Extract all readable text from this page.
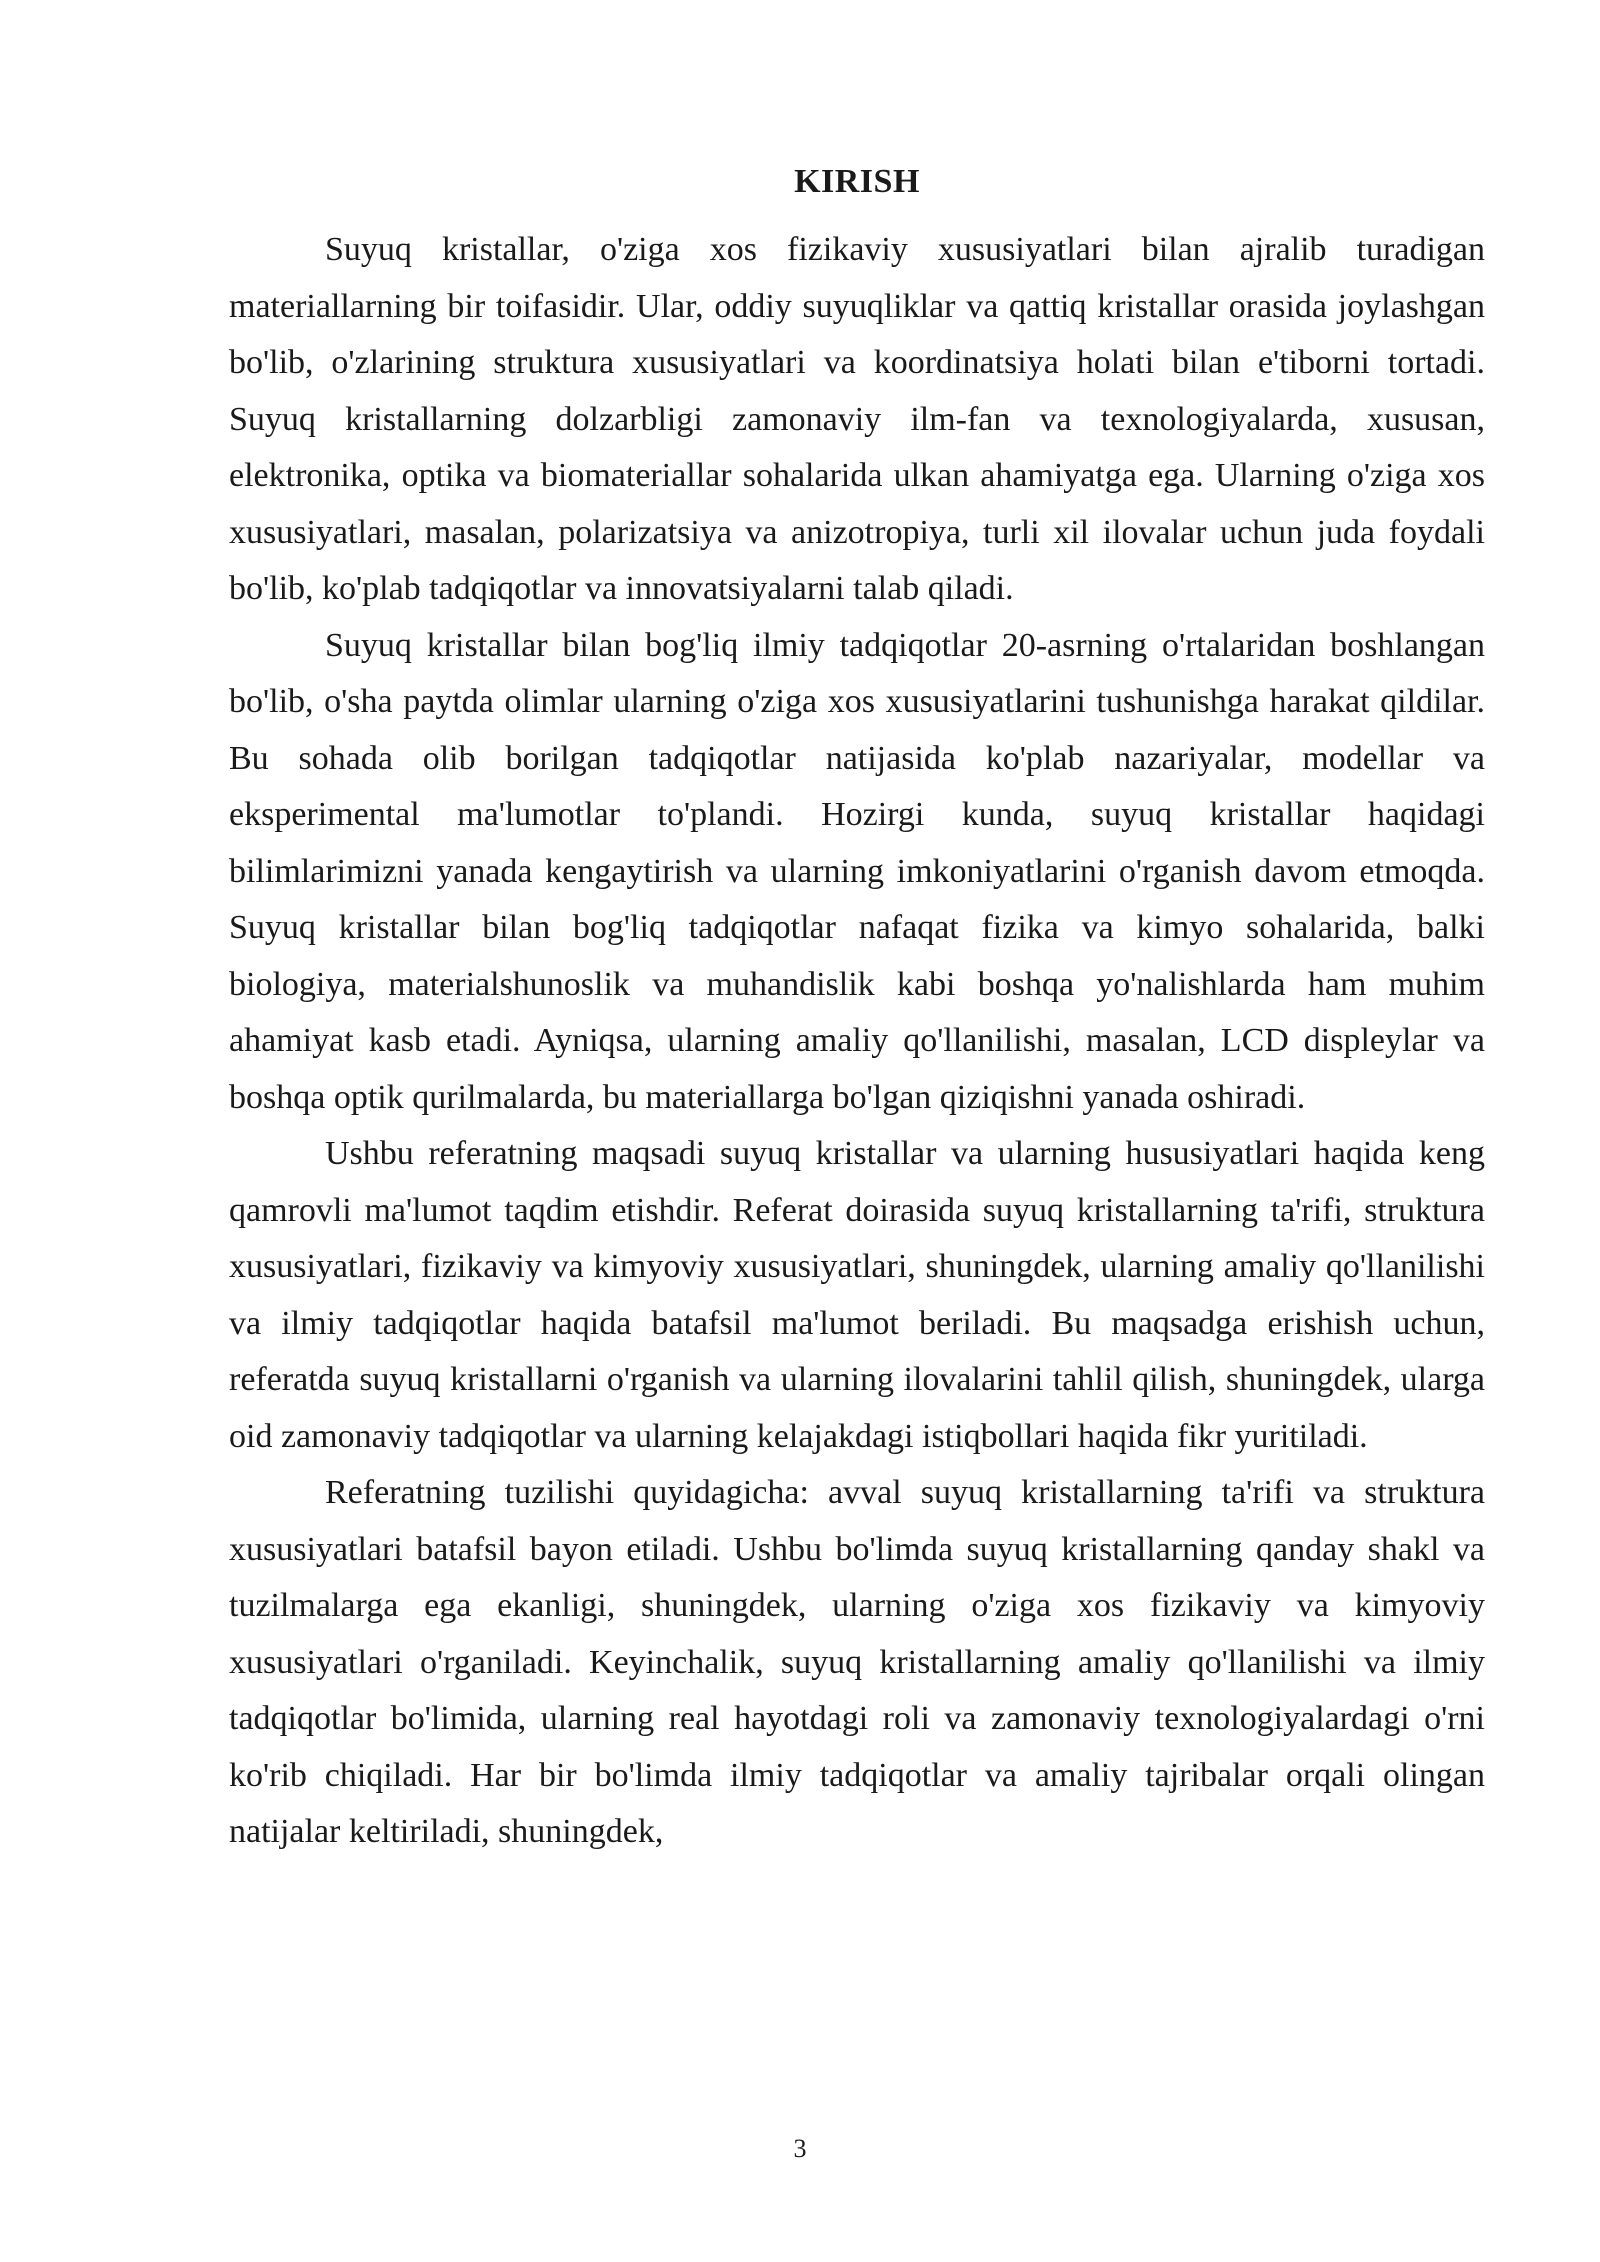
KIRISH

Suyuq kristallar, o'ziga xos fizikaviy xususiyatlari bilan ajralib turadigan materiallarning bir toifasidir. Ular, oddiy suyuqliklar va qattiq kristallar orasida joylashgan bo'lib, o'zlarining struktura xususiyatlari va koordinatsiya holati bilan e'tiborni tortadi. Suyuq kristallarning dolzarbligi zamonaviy ilm-fan va texnologiyalarda, xususan, elektronika, optika va biomateriallar sohalarida ulkan ahamiyatga ega. Ularning o'ziga xos xususiyatlari, masalan, polarizatsiya va anizotropiya, turli xil ilovalar uchun juda foydali bo'lib, ko'plab tadqiqotlar va innovatsiyalarni talab qiladi.

Suyuq kristallar bilan bog'liq ilmiy tadqiqotlar 20-asrning o'rtalaridan boshlangan bo'lib, o'sha paytda olimlar ularning o'ziga xos xususiyatlarini tushunishga harakat qildilar. Bu sohada olib borilgan tadqiqotlar natijasida ko'plab nazariyalar, modellar va eksperimental ma'lumotlar to'plandi. Hozirgi kunda, suyuq kristallar haqidagi bilimlarimizni yanada kengaytirish va ularning imkoniyatlarini o'rganish davom etmoqda. Suyuq kristallar bilan bog'liq tadqiqotlar nafaqat fizika va kimyo sohalarida, balki biologiya, materialshunoslik va muhandislik kabi boshqa yo'nalishlarda ham muhim ahamiyat kasb etadi. Ayniqsa, ularning amaliy qo'llanilishi, masalan, LCD displeylar va boshqa optik qurilmalarda, bu materiallarga bo'lgan qiziqishni yanada oshiradi.

Ushbu referatning maqsadi suyuq kristallar va ularning hususiyatlari haqida keng qamrovli ma'lumot taqdim etishdir. Referat doirasida suyuq kristallarning ta'rifi, struktura xususiyatlari, fizikaviy va kimyoviy xususiyatlari, shuningdek, ularning amaliy qo'llanilishi va ilmiy tadqiqotlar haqida batafsil ma'lumot beriladi. Bu maqsadga erishish uchun, referatda suyuq kristallarni o'rganish va ularning ilovalarini tahlil qilish, shuningdek, ularga oid zamonaviy tadqiqotlar va ularning kelajakdagi istiqbollari haqida fikr yuritiladi.

Referatning tuzilishi quyidagicha: avval suyuq kristallarning ta'rifi va struktura xususiyatlari batafsil bayon etiladi. Ushbu bo'limda suyuq kristallarning qanday shakl va tuzilmalarga ega ekanligi, shuningdek, ularning o'ziga xos fizikaviy va kimyoviy xususiyatlari o'rganiladi. Keyinchalik, suyuq kristallarning amaliy qo'llanilishi va ilmiy tadqiqotlar bo'limida, ularning real hayotdagi roli va zamonaviy texnologiyalardagi o'rni ko'rib chiqiladi. Har bir bo'limda ilmiy tadqiqotlar va amaliy tajribalar orqali olingan natijalar keltiriladi, shuningdek,

3
